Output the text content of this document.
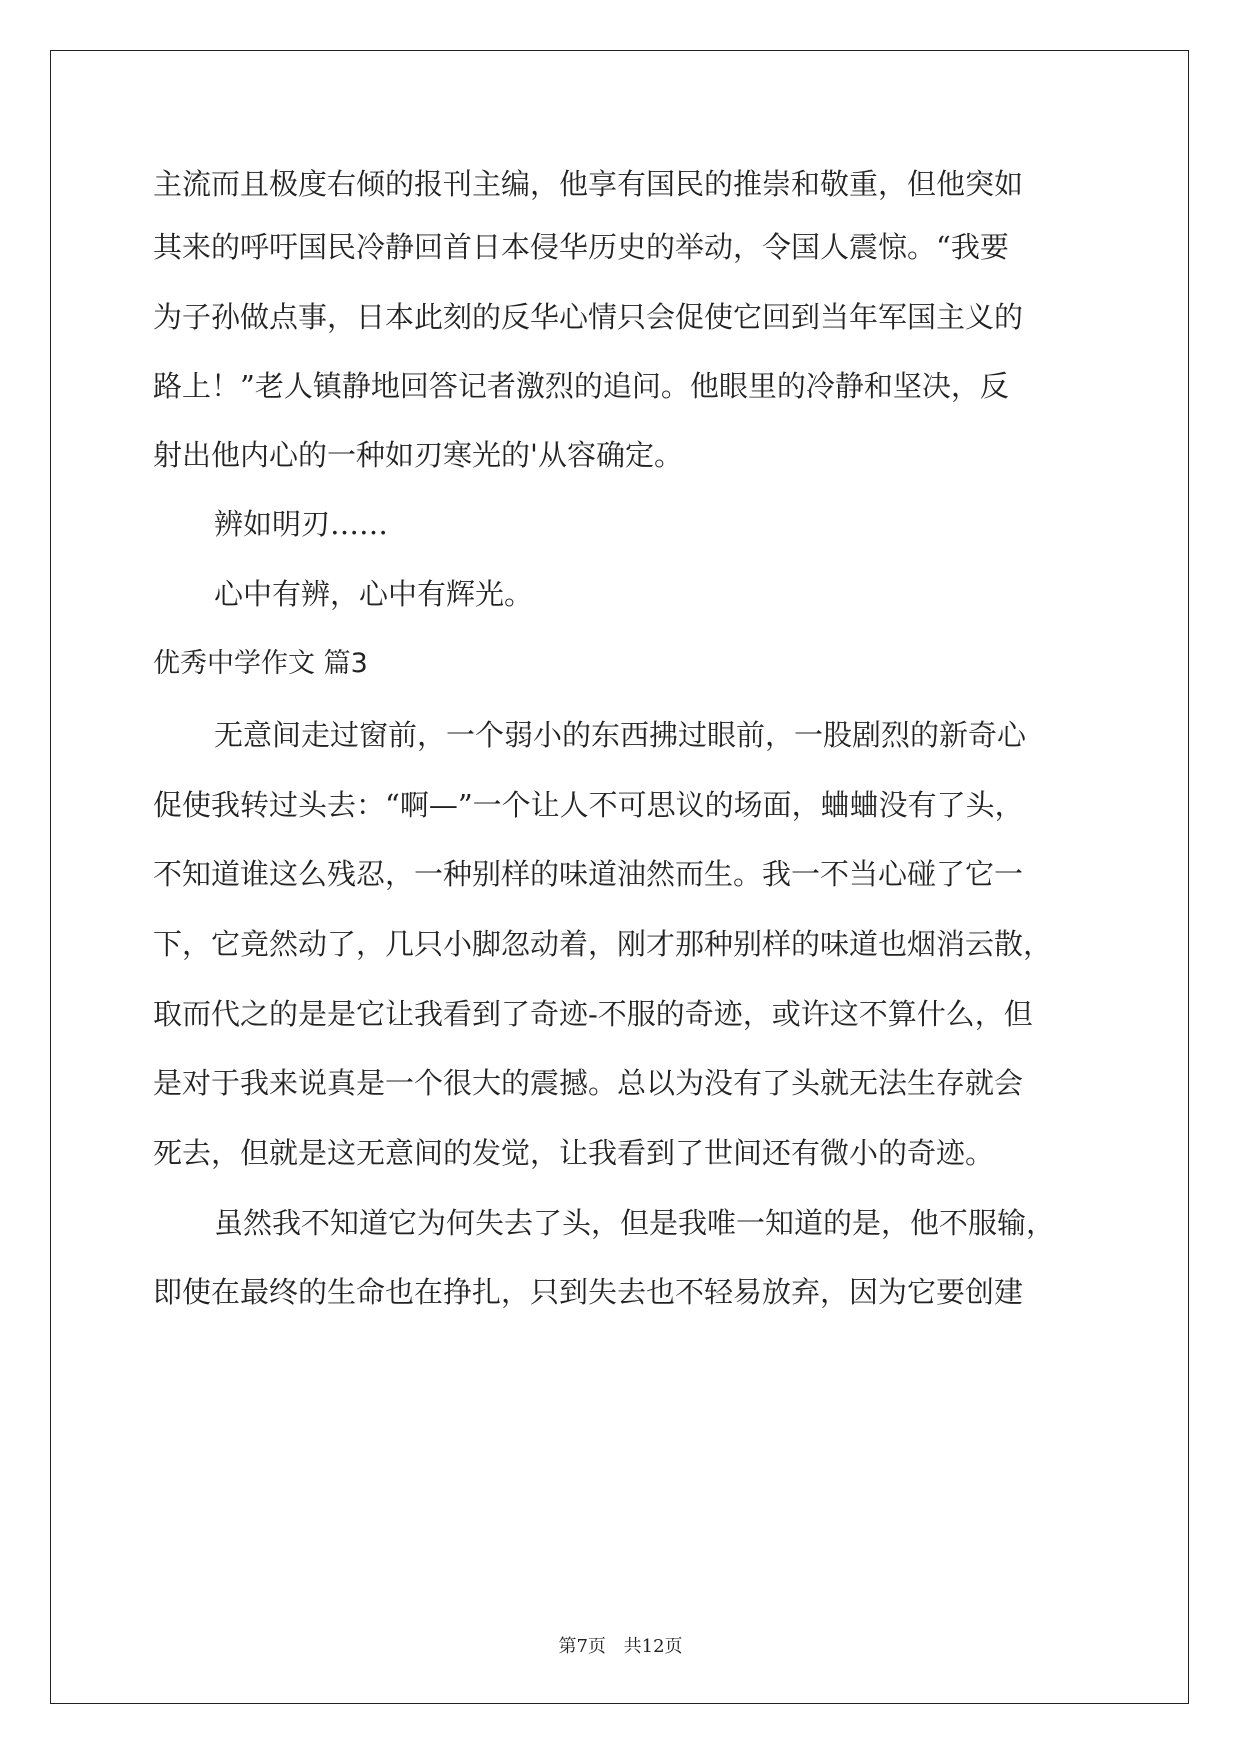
主流而且极度右倾的报刊主编，他享有国民的推崇和敬重，但他突如
其来的呼吁国民冷静回首日本侵华历史的举动，令国人震惊。“我要
为子孙做点事，日本此刻的反华心情只会促使它回到当年军国主义的
路上！”老人镇静地回答记者激烈的追问。他眼里的冷静和坚决，反
射出他内心的一种如刃寒光的'从容确定。
辨如明刃……
心中有辨，心中有辉光。
优秀中学作文 篇3
无意间走过窗前，一个弱小的东西拂过眼前，一股剧烈的新奇心
促使我转过头去：“啊—”一个让人不可思议的场面，蛐蛐没有了头，
不知道谁这么残忍，一种别样的味道油然而生。我一不当心碰了它一
下，它竟然动了，几只小脚忽动着，刚才那种别样的味道也烟消云散，
取而代之的是是它让我看到了奇迹-不服的奇迹，或许这不算什么，但
是对于我来说真是一个很大的震撼。总以为没有了头就无法生存就会
死去，但就是这无意间的发觉，让我看到了世间还有微小的奇迹。
虽然我不知道它为何失去了头，但是我唯一知道的是，他不服输，
即使在最终的生命也在挣扎，只到失去也不轻易放弃，因为它要创建
第7页 共12页
